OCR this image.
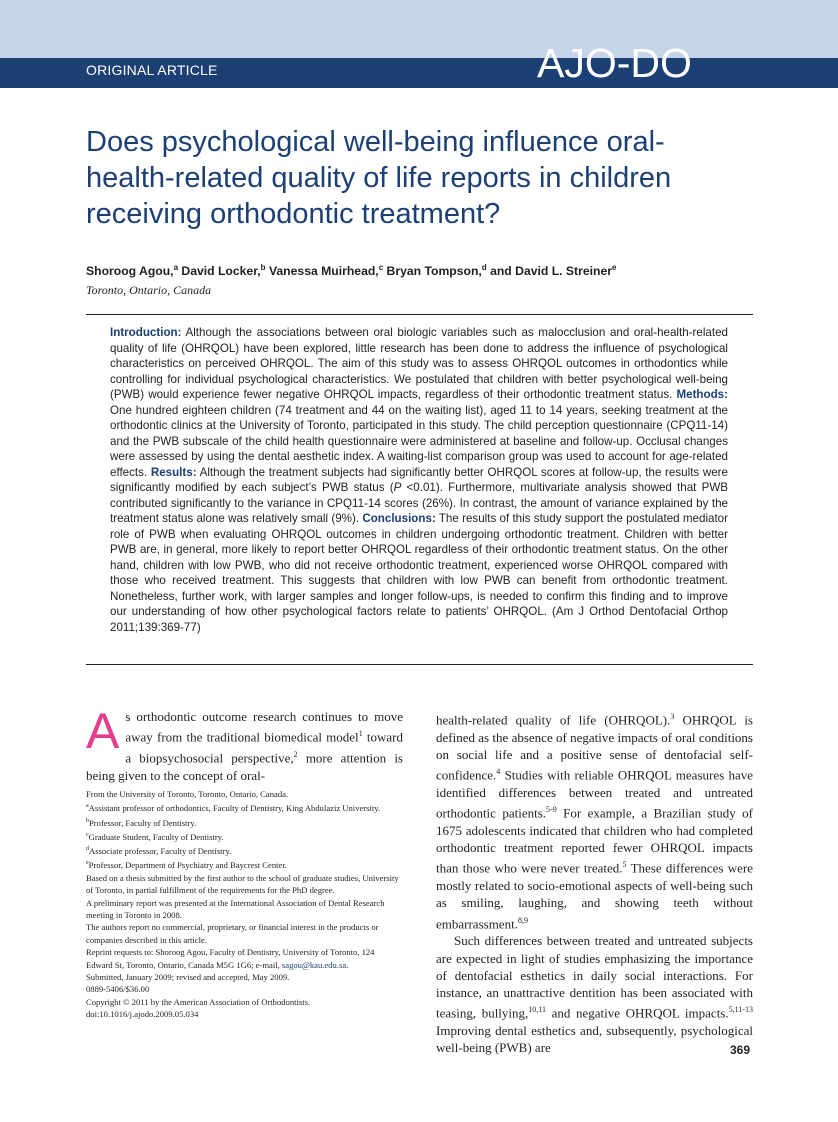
ORIGINAL ARTICLE	AJO-DO
Does psychological well-being influence oral-health-related quality of life reports in children receiving orthodontic treatment?
Shoroog Agou,$^a$ David Locker,$^b$ Vanessa Muirhead,$^c$ Bryan Tompson,$^d$ and David L. Streiner$^e$
Toronto, Ontario, Canada
Introduction: Although the associations between oral biologic variables such as malocclusion and oral-health-related quality of life (OHRQOL) have been explored, little research has been done to address the influence of psychological characteristics on perceived OHRQOL. The aim of this study was to assess OHRQOL outcomes in orthodontics while controlling for individual psychological characteristics. We postulated that children with better psychological well-being (PWB) would experience fewer negative OHRQOL impacts, regardless of their orthodontic treatment status. Methods: One hundred eighteen children (74 treatment and 44 on the waiting list), aged 11 to 14 years, seeking treatment at the orthodontic clinics at the University of Toronto, participated in this study. The child perception questionnaire (CPQ11-14) and the PWB subscale of the child health questionnaire were administered at baseline and follow-up. Occlusal changes were assessed by using the dental aesthetic index. A waiting-list comparison group was used to account for age-related effects. Results: Although the treatment subjects had significantly better OHRQOL scores at follow-up, the results were significantly modified by each subject’s PWB status (P <0.01). Furthermore, multivariate analysis showed that PWB contributed significantly to the variance in CPQ11-14 scores (26%). In contrast, the amount of variance explained by the treatment status alone was relatively small (9%). Conclusions: The results of this study support the postulated mediator role of PWB when evaluating OHRQOL outcomes in children undergoing orthodontic treatment. Children with better PWB are, in general, more likely to report better OHRQOL regardless of their orthodontic treatment status. On the other hand, children with low PWB, who did not receive orthodontic treatment, experienced worse OHRQOL compared with those who received treatment. This suggests that children with low PWB can benefit from orthodontic treatment. Nonetheless, further work, with larger samples and longer follow-ups, is needed to confirm this finding and to improve our understanding of how other psychological factors relate to patients’ OHRQOL. (Am J Orthod Dentofacial Orthop 2011;139:369-77)

As orthodontic outcome research continues to move away from the traditional biomedical model$^1$ toward a biopsychosocial perspective,$^2$ more attention is being given to the concept of oral-

From the University of Toronto, Toronto, Ontario, Canada.
$^a$Assistant professor of orthodontics, Faculty of Dentistry, King Abdulaziz University.
$^b$Professor, Faculty of Dentistry.
$^c$Graduate Student, Faculty of Dentistry.
$^d$Associate professor, Faculty of Dentistry.
$^e$Professor, Department of Psychiatry and Baycrest Center.
Based on a thesis submitted by the first author to the school of graduate studies, University of Toronto, in partial fulfillment of the requirements for the PhD degree.
A preliminary report was presented at the International Association of Dental Research meeting in Toronto in 2008.
The authors report no commercial, proprietary, or financial interest in the products or companies described in this article.
Reprint requests to: Shoroog Agou, Faculty of Dentistry, University of Toronto, 124 Edward St, Toronto, Ontario, Canada M5G 1G6; e-mail, sagou@kau.edu.sa.
Submitted, January 2009; revised and accepted, May 2009.
0889-5406/$36.00
Copyright © 2011 by the American Association of Orthodontists.
doi:10.1016/j.ajodo.2009.05.034

health-related quality of life (OHRQOL).$^3$ OHRQOL is defined as the absence of negative impacts of oral conditions on social life and a positive sense of dentofacial self-confidence.$^4$ Studies with reliable OHRQOL measures have identified differences between treated and untreated orthodontic patients.$^{5-9}$ For example, a Brazilian study of 1675 adolescents indicated that children who had completed orthodontic treatment reported fewer OHRQOL impacts than those who were never treated.$^5$ These differences were mostly related to socio-emotional aspects of well-being such as smiling, laughing, and showing teeth without embarrassment.$^{8,9}$

Such differences between treated and untreated subjects are expected in light of studies emphasizing the importance of dentofacial esthetics in daily social interactions. For instance, an unattractive dentition has been associated with teasing, bullying,$^{10,11}$ and negative OHRQOL impacts.$^{5,11-13}$ Improving dental esthetics and, subsequently, psychological well-being (PWB) are	369
